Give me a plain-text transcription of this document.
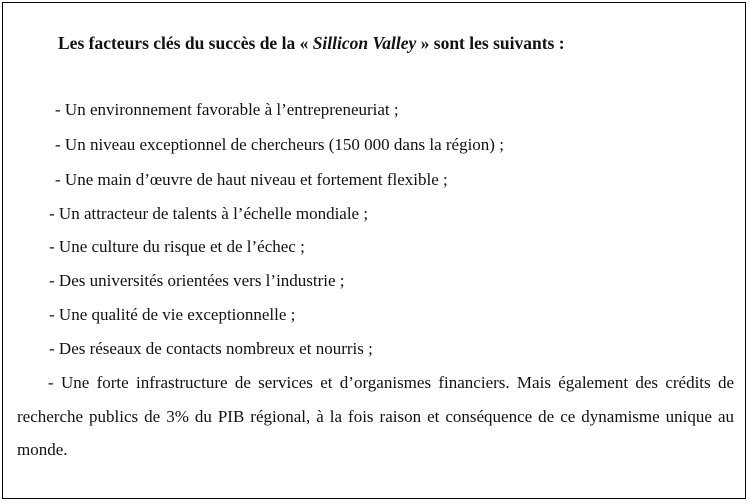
Les facteurs clés du succès de la « Sillicon Valley » sont les suivants :
- Un environnement favorable à l’entrepreneuriat ;
- Un niveau exceptionnel de chercheurs (150 000 dans la région) ;
- Une main d’œuvre de haut niveau et fortement flexible ;
- Un attracteur de talents à l’échelle mondiale ;
- Une culture du risque et de l’échec ;
- Des universités orientées vers l’industrie ;
- Une qualité de vie exceptionnelle ;
- Des réseaux de contacts nombreux et nourris ;
- Une forte infrastructure de services et d’organismes financiers. Mais également des crédits de recherche publics de 3% du PIB régional, à la fois raison et conséquence de ce dynamisme unique au monde.
